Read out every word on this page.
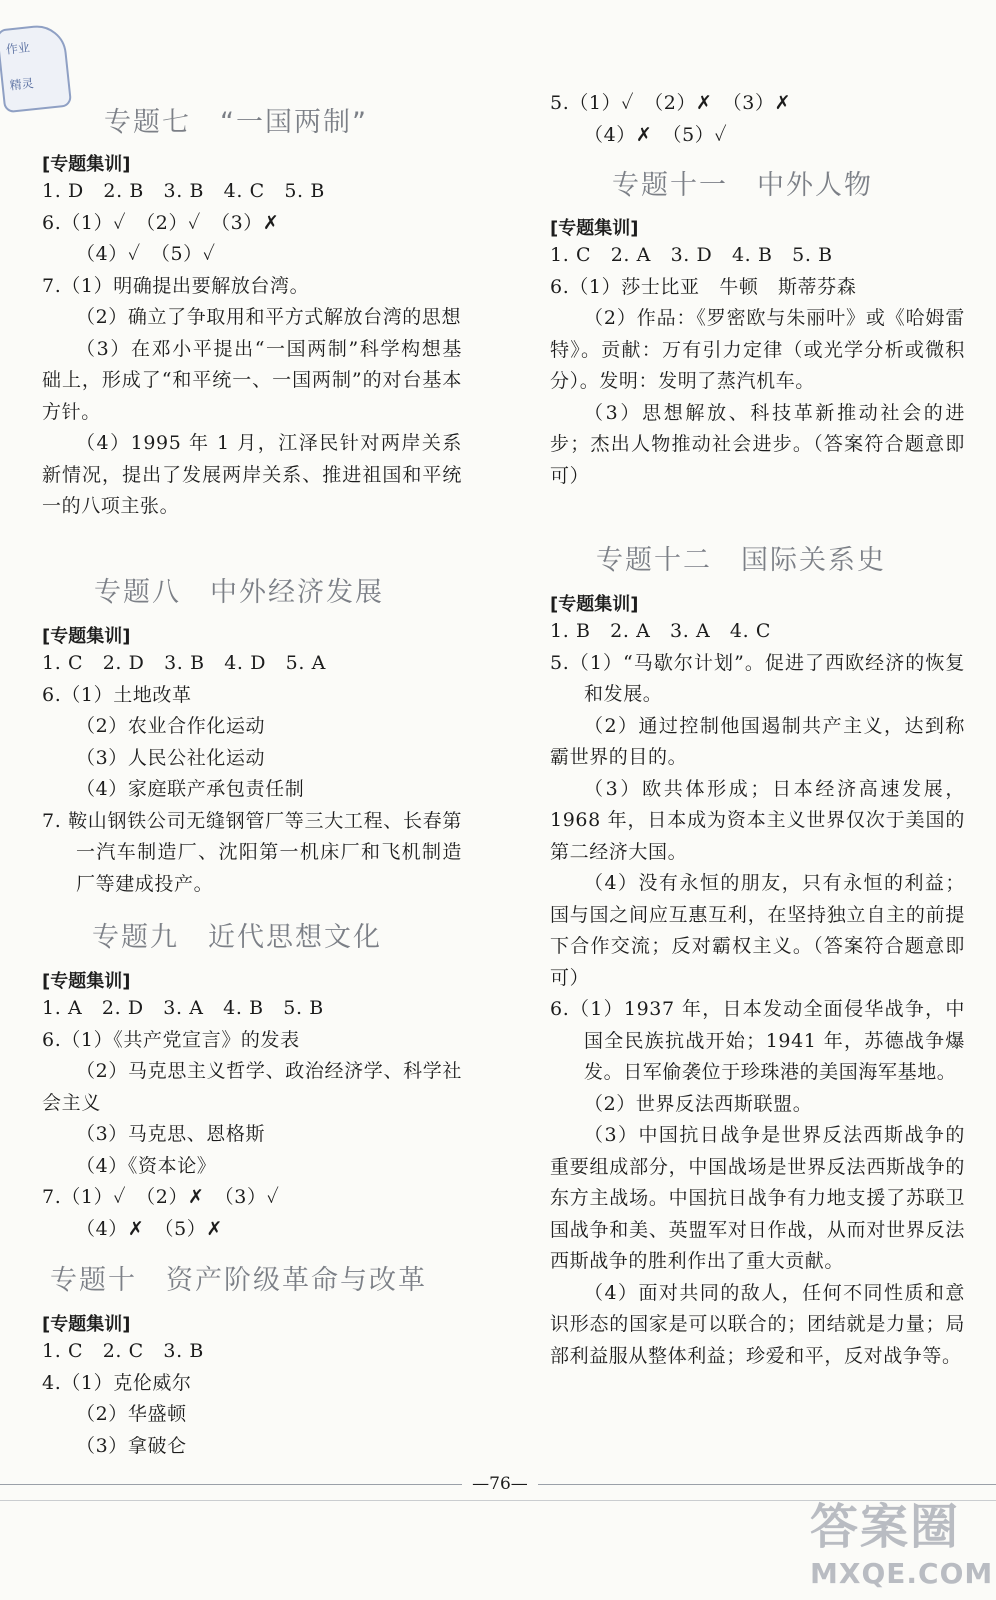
作业
精灵
专题七　“一国两制”
[专题集训]
1. D　2. B　3. B　4. C　5. B
6.（1）✓　（2）✓　（3）✗
（4）✓　（5）✓
7.（1）明确提出要解放台湾。
（2）确立了争取用和平方式解放台湾的思想
（3）在邓小平提出“一国两制”科学构想基础上，形成了“和平统一、一国两制”的对台基本方针。
（4）1995 年 1 月，江泽民针对两岸关系新情况，提出了发展两岸关系、推进祖国和平统一的八项主张。
专题八　中外经济发展
[专题集训]
1. C　2. D　3. B　4. D　5. A
6.（1）土地改革
（2）农业合作化运动
（3）人民公社化运动
（4）家庭联产承包责任制
7. 鞍山钢铁公司无缝钢管厂等三大工程、长春第一汽车制造厂、沈阳第一机床厂和飞机制造厂等建成投产。
专题九　近代思想文化
[专题集训]
1. A　2. D　3. A　4. B　5. B
6.（1）《共产党宣言》的发表
（2）马克思主义哲学、政治经济学、科学社会主义
（3）马克思、恩格斯
（4）《资本论》
7.（1）✓　（2）✗　（3）✓
（4）✗　（5）✗
专题十　资产阶级革命与改革
[专题集训]
1. C　2. C　3. B
4.（1）克伦威尔
（2）华盛顿
（3）拿破仑
5.（1）✓　（2）✗　（3）✗
（4）✗　（5）✓
专题十一　中外人物
[专题集训]
1. C　2. A　3. D　4. B　5. B
6.（1）莎士比亚　牛顿　斯蒂芬森
（2）作品：《罗密欧与朱丽叶》或《哈姆雷特》。贡献：万有引力定律（或光学分析或微积分）。发明：发明了蒸汽机车。
（3）思想解放、科技革新推动社会的进步；杰出人物推动社会进步。（答案符合题意即可）
专题十二　国际关系史
[专题集训]
1. B　2. A　3. A　4. C
5.（1）“马歇尔计划”。促进了西欧经济的恢复和发展。
（2）通过控制他国遏制共产主义，达到称霸世界的目的。
（3）欧共体形成；日本经济高速发展，1968 年，日本成为资本主义世界仅次于美国的第二经济大国。
（4）没有永恒的朋友，只有永恒的利益；国与国之间应互惠互利，在坚持独立自主的前提下合作交流；反对霸权主义。（答案符合题意即可）
6.（1）1937 年，日本发动全面侵华战争，中国全民族抗战开始；1941 年，苏德战争爆发。日军偷袭位于珍珠港的美国海军基地。
（2）世界反法西斯联盟。
（3）中国抗日战争是世界反法西斯战争的重要组成部分，中国战场是世界反法西斯战争的东方主战场。中国抗日战争有力地支援了苏联卫国战争和美、英盟军对日作战，从而对世界反法西斯战争的胜利作出了重大贡献。
（4）面对共同的敌人，任何不同性质和意识形态的国家是可以联合的；团结就是力量；局部利益服从整体利益；珍爱和平，反对战争等。
—76—
答案圈
MXQE.COM
